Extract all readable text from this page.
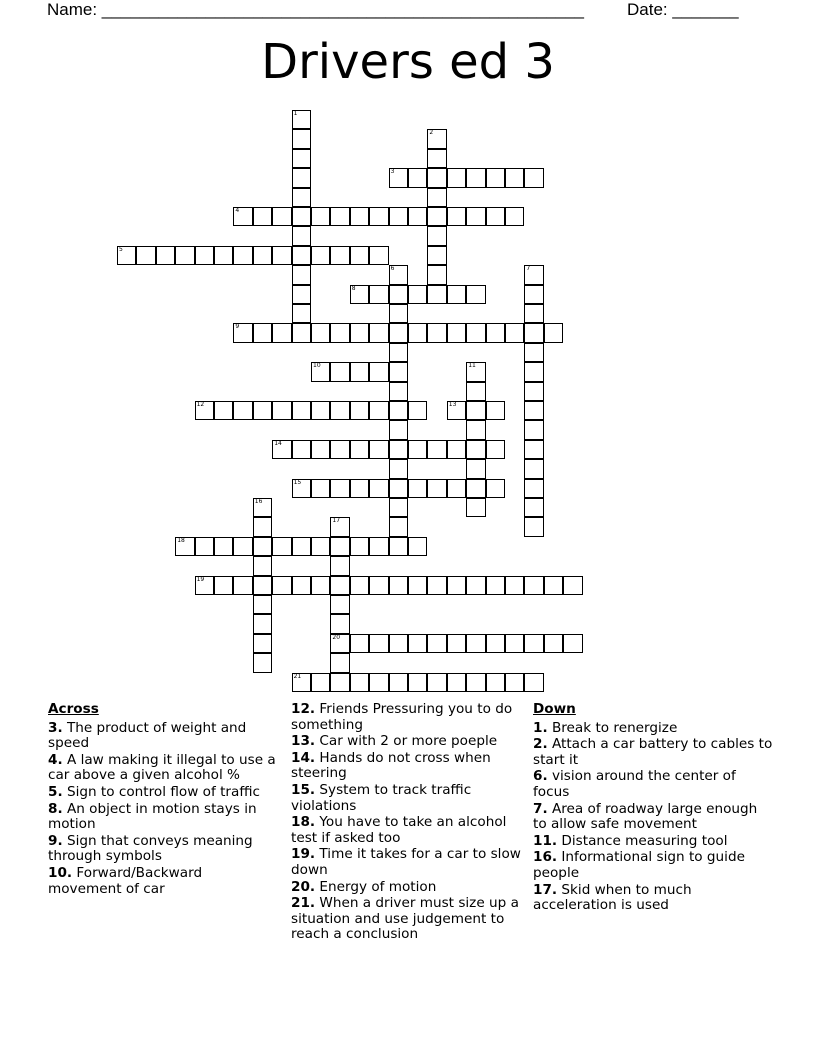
Name: ___________________________________________________	Date: _______
Drivers ed 3
1
2
3
4
5
6	7
8
9
10	11
12	13
14
15
16
17
20
18
19
21
Across
3. The product of weight and speed
4. A law making it illegal to use a car above a given alcohol %
5. Sign to control flow of traffic
8. An object in motion stays in motion
9. Sign that conveys meaning through symbols
10. Forward/Backward movement of car
12. Friends Pressuring you to do something
13. Car with 2 or more poeple
14. Hands do not cross when steering
15. System to track traffic violations
18. You have to take an alcohol test if asked too
19. Time it takes for a car to slow down
20. Energy of motion
21. When a driver must size up a situation and use judgement to reach a conclusion
Down
1. Break to renergize
2. Attach a car battery to cables to start it
6. vision around the center of focus
7. Area of roadway large enough to allow safe movement
11. Distance measuring tool
16. Informational sign to guide people
17. Skid when to much acceleration is used
